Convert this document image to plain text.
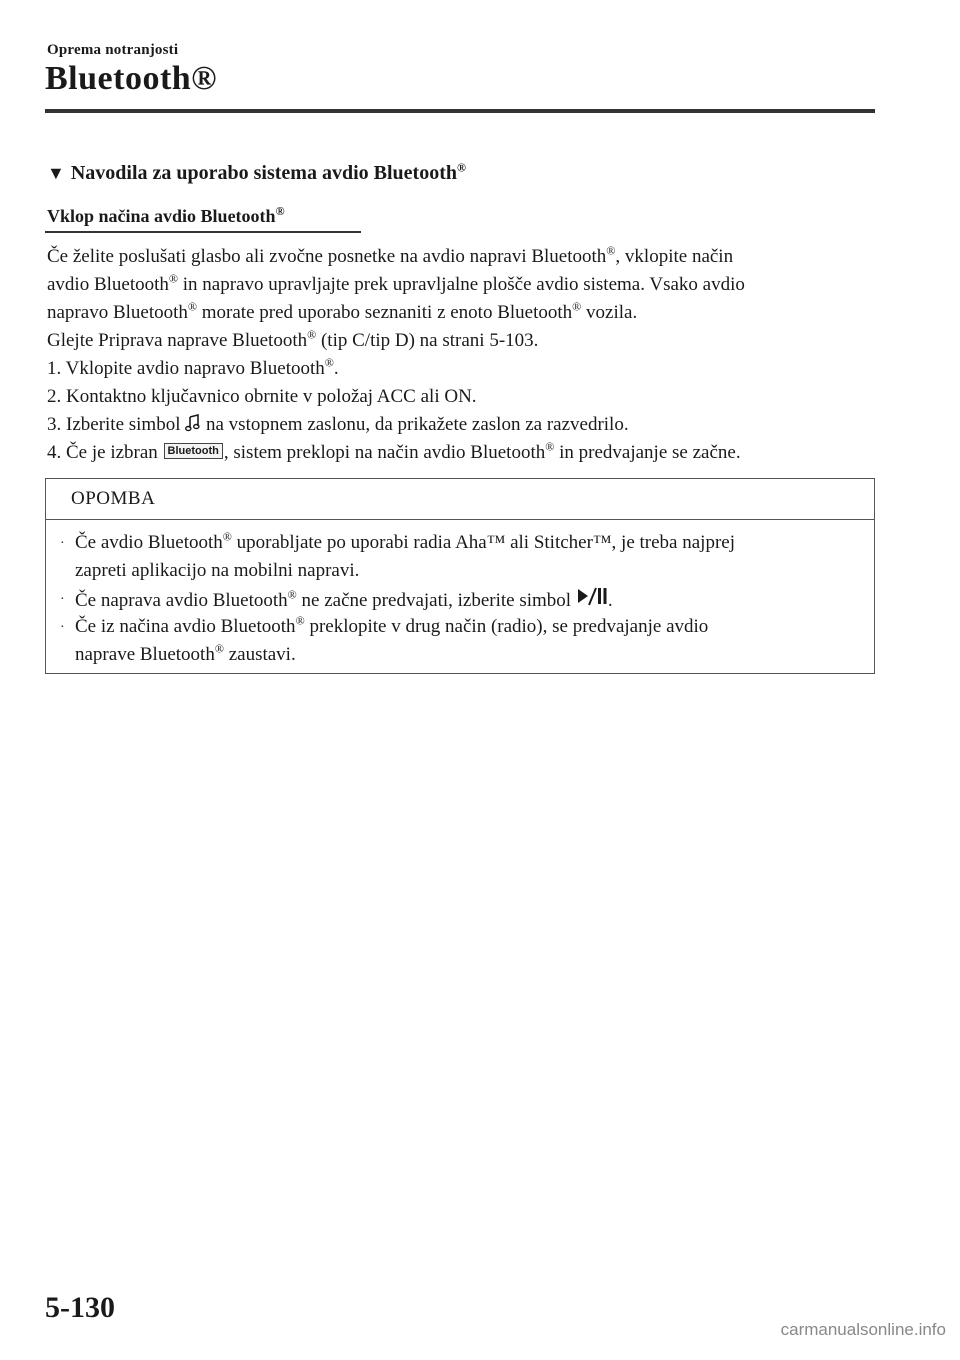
Oprema notranjosti
Bluetooth®
▼ Navodila za uporabo sistema avdio Bluetooth®
Vklop načina avdio Bluetooth®
Če želite poslušati glasbo ali zvočne posnetke na avdio napravi Bluetooth®, vklopite način
avdio Bluetooth® in napravo upravljajte prek upravljalne plošče avdio sistema. Vsako avdio
napravo Bluetooth® morate pred uporabo seznaniti z enoto Bluetooth® vozila.
Glejte Priprava naprave Bluetooth® (tip C/tip D) na strani 5-103.
1. Vklopite avdio napravo Bluetooth®.
2. Kontaktno ključavnico obrnite v položaj ACC ali ON.
3. Izberite simbol  na vstopnem zaslonu, da prikažete zaslon za razvedrilo.
4. Če je izbran Bluetooth , sistem preklopi na način avdio Bluetooth® in predvajanje se začne.
OPOMBA
· Če avdio Bluetooth® uporabljate po uporabi radia Aha™ ali Stitcher™, je treba najprej
zapreti aplikacijo na mobilni napravi.
· Če naprava avdio Bluetooth® ne začne predvajati, izberite simbol .
· Če iz načina avdio Bluetooth® preklopite v drug način (radio), se predvajanje avdio
naprave Bluetooth® zaustavi.
5-130
carmanualsonline.info
